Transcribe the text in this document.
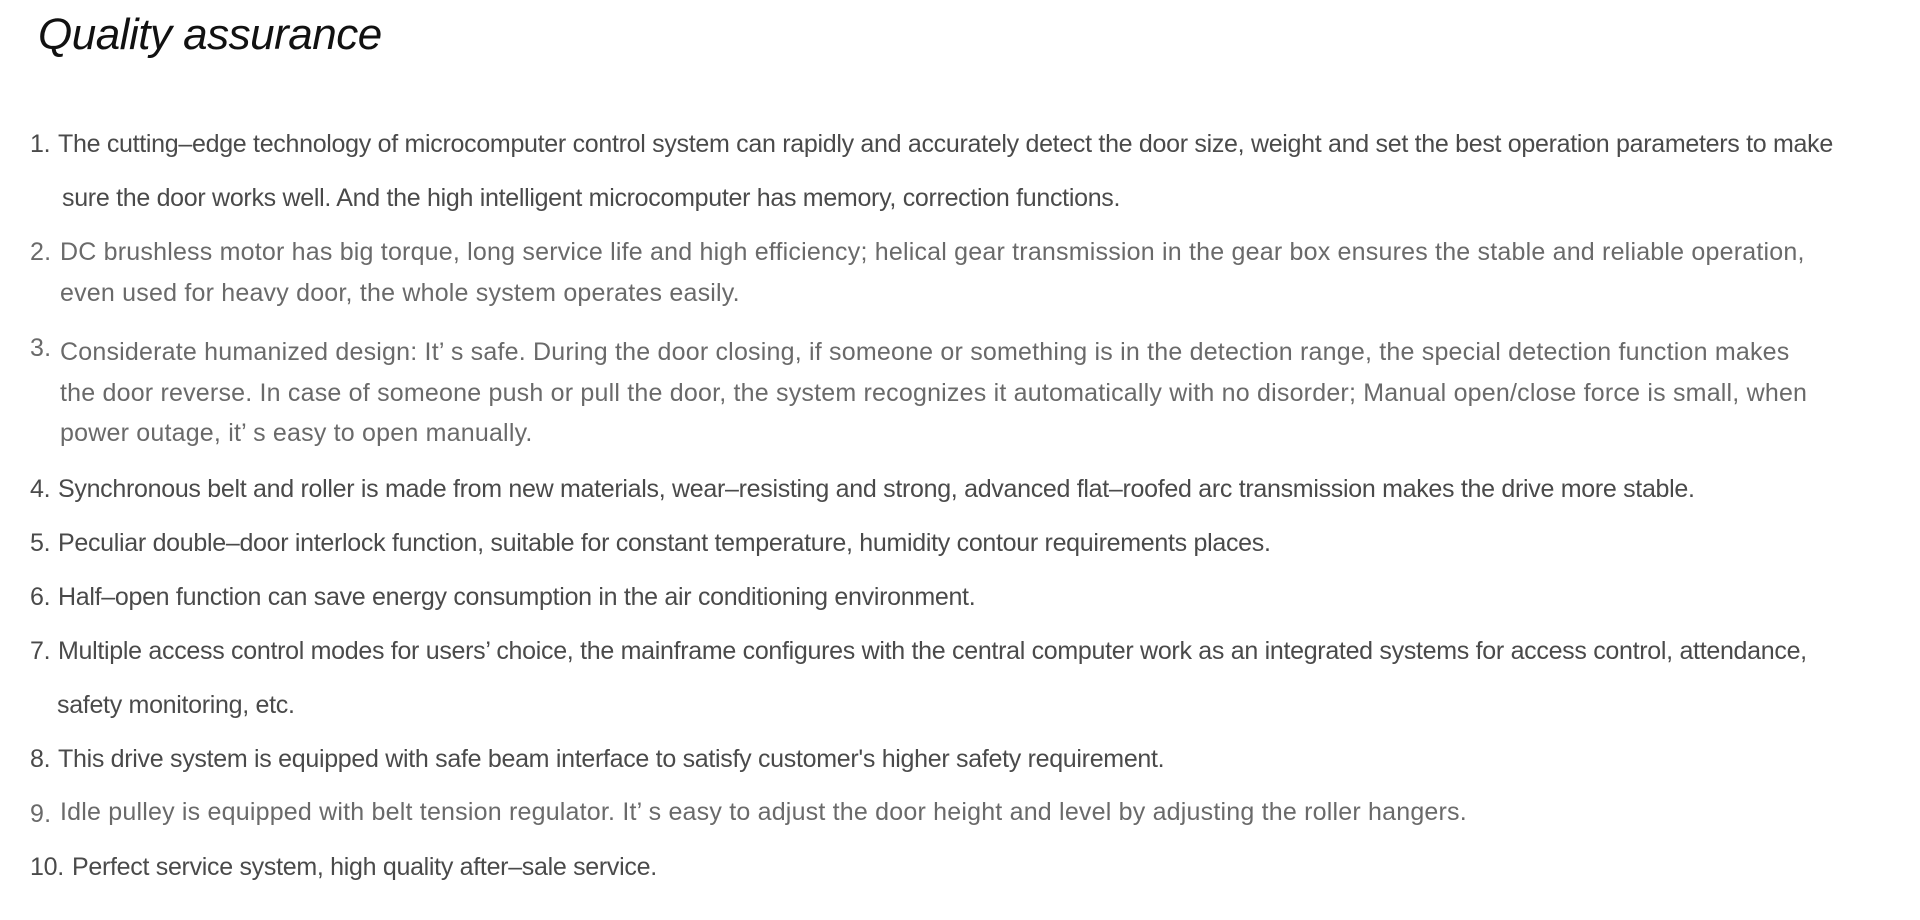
Quality assurance
1. The cutting–edge technology of microcomputer control system can rapidly and accurately detect the door size, weight and set the best operation parameters to make
sure the door works well. And the high intelligent microcomputer has memory, correction functions.
2. DC brushless motor has big torque, long service life and high efficiency; helical gear transmission in the gear box ensures the stable and reliable operation,
even used for heavy door, the whole system operates easily.
3. Considerate humanized design: It’ s safe. During the door closing, if someone or something is in the detection range, the special detection function makes
the door reverse. In case of someone push or pull the door, the system recognizes it automatically with no disorder; Manual open/close force is small, when
power outage, it’ s easy to open manually.
4. Synchronous belt and roller is made from new materials, wear–resisting and strong, advanced flat–roofed arc transmission makes the drive more stable.
5. Peculiar double–door interlock function, suitable for constant temperature, humidity contour requirements places.
6. Half–open function can save energy consumption in the air conditioning environment.
7. Multiple access control modes for users’ choice, the mainframe configures with the central computer work as an integrated systems for access control, attendance,
safety monitoring, etc.
8. This drive system is equipped with safe beam interface to satisfy customer's higher safety requirement.
9. Idle pulley is equipped with belt tension regulator. It’ s easy to adjust the door height and level by adjusting the roller hangers.
10. Perfect service system, high quality after–sale service.
